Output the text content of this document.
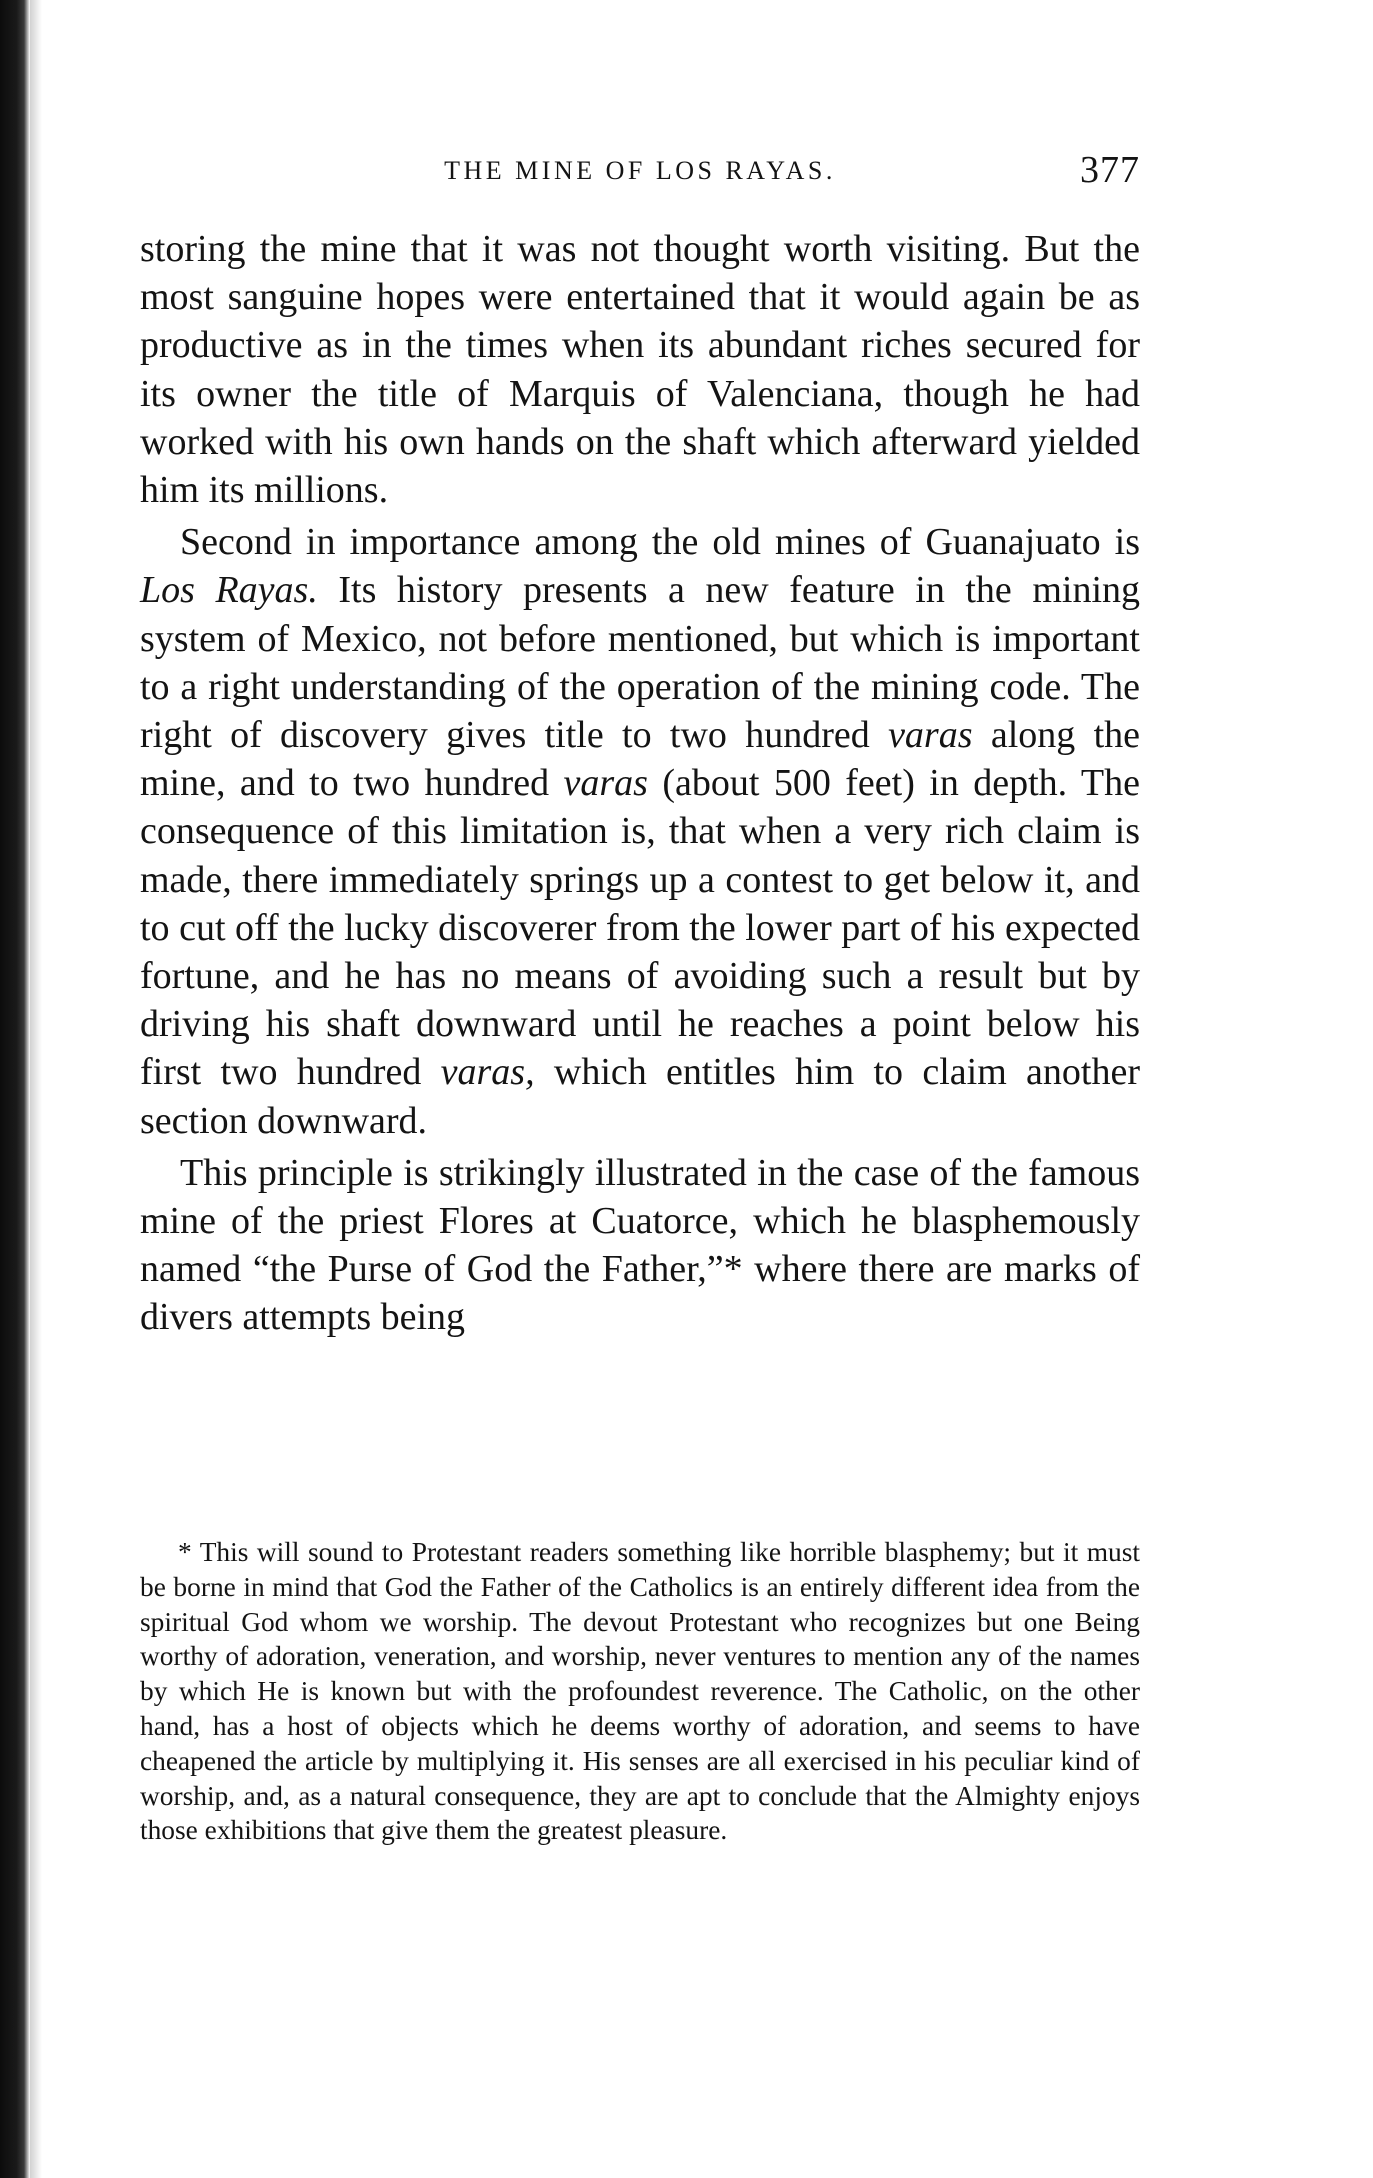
THE MINE OF LOS RAYAS.	377

storing the mine that it was not thought worth visiting. But the most sanguine hopes were entertained that it would again be as productive as in the times when its abundant riches secured for its owner the title of Marquis of Valenciana, though he had worked with his own hands on the shaft which afterward yielded him its millions.

Second in importance among the old mines of Guanajuato is Los Rayas. Its history presents a new feature in the mining system of Mexico, not before mentioned, but which is important to a right understanding of the operation of the mining code. The right of discovery gives title to two hundred varas along the mine, and to two hundred varas (about 500 feet) in depth. The consequence of this limitation is, that when a very rich claim is made, there immediately springs up a contest to get below it, and to cut off the lucky discoverer from the lower part of his expected fortune, and he has no means of avoiding such a result but by driving his shaft downward until he reaches a point below his first two hundred varas, which entitles him to claim another section downward.

This principle is strikingly illustrated in the case of the famous mine of the priest Flores at Cuatorce, which he blasphemously named “the Purse of God the Father,”* where there are marks of divers attempts being

* This will sound to Protestant readers something like horrible blasphemy; but it must be borne in mind that God the Father of the Catholics is an entirely different idea from the spiritual God whom we worship. The devout Protestant who recognizes but one Being worthy of adoration, veneration, and worship, never ventures to mention any of the names by which He is known but with the profoundest reverence. The Catholic, on the other hand, has a host of objects which he deems worthy of adoration, and seems to have cheapened the article by multiplying it. His senses are all exercised in his peculiar kind of worship, and, as a natural consequence, they are apt to conclude that the Almighty enjoys those exhibitions that give them the greatest pleasure.
